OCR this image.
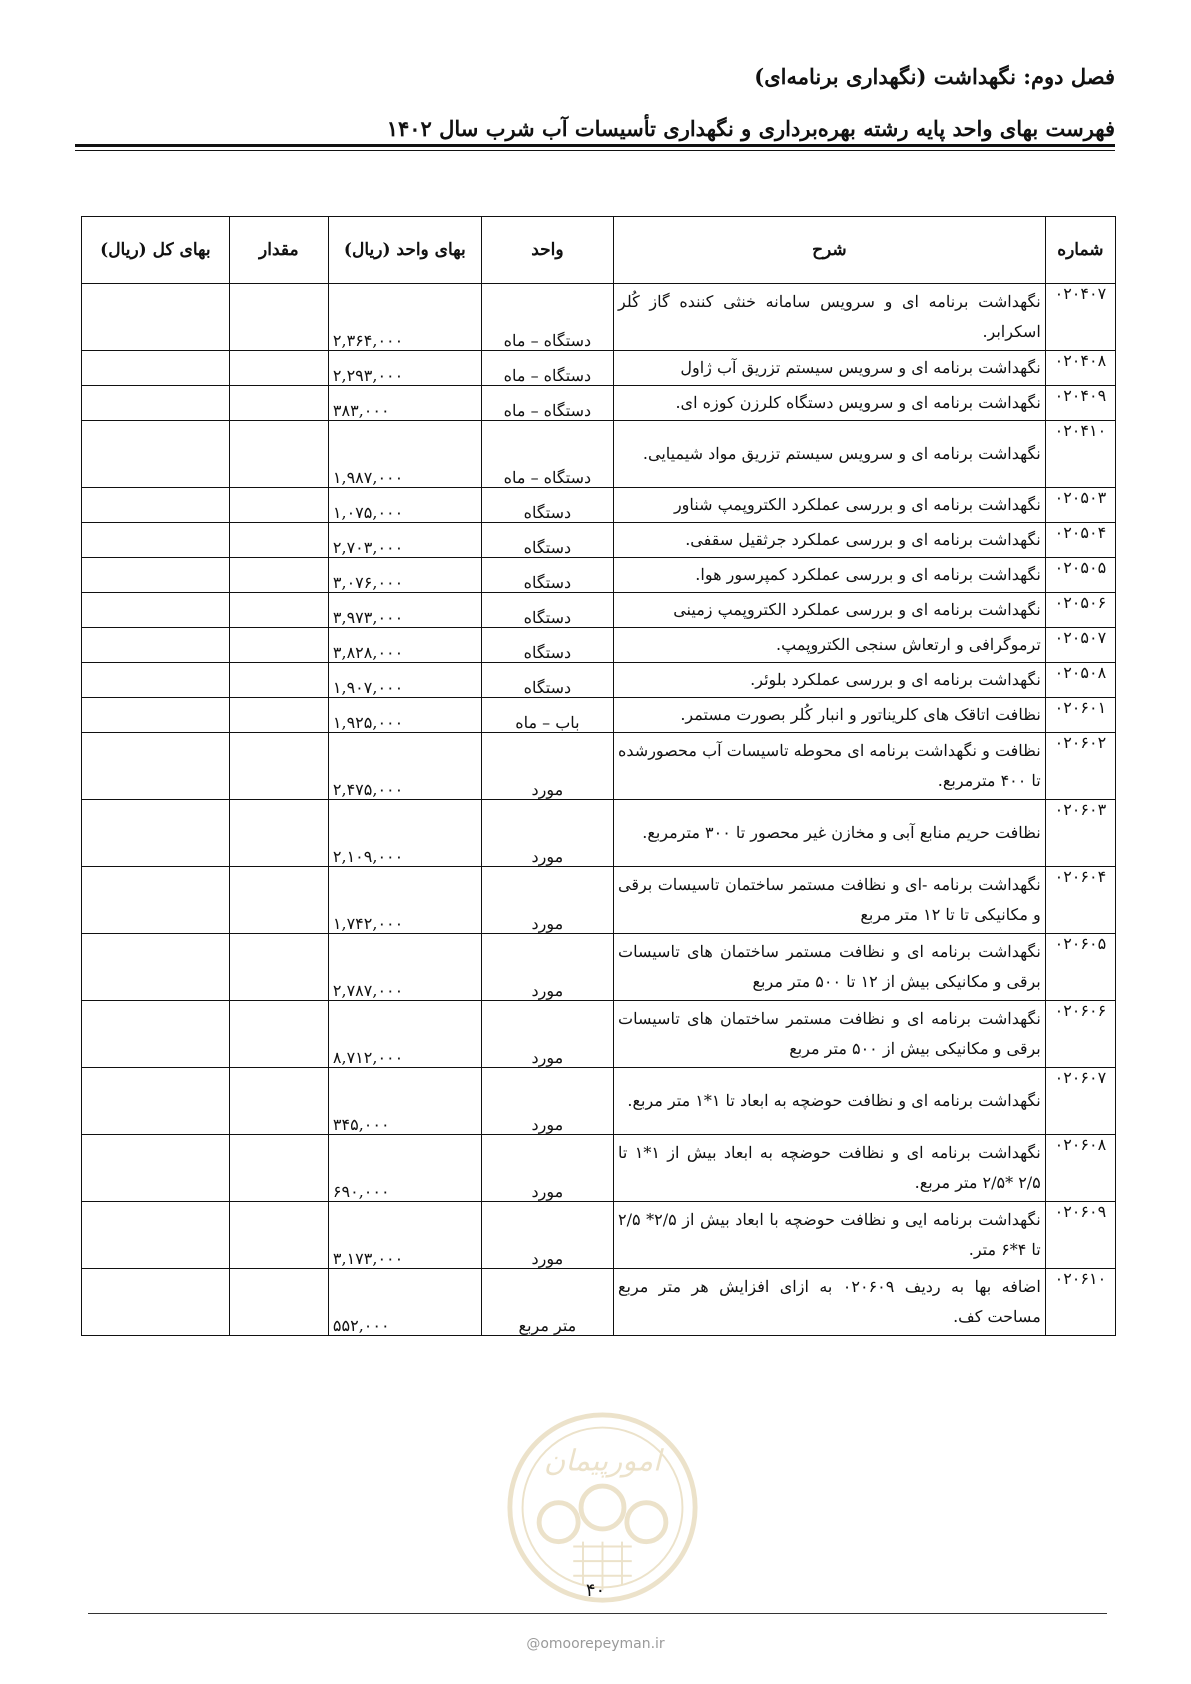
فصل دوم: نگهداشت (نگهداری برنامه‌ای)
فهرست بهای واحد پایه رشته بهره‌برداری و نگهداری تأسیسات آب شرب سال ۱۴۰۲
شماره	شرح	واحد	بهای واحد (ریال)	مقدار	بهای کل (ریال)
۰۲۰۴۰۷	نگهداشت برنامه ای و سرویس سامانه خنثی کننده گاز کُلر اسکرابر.	دستگاه – ماه	۲,۳۶۴,۰۰۰		
۰۲۰۴۰۸	نگهداشت برنامه ای و سرویس سیستم تزریق آب ژاول	دستگاه – ماه	۲,۲۹۳,۰۰۰		
۰۲۰۴۰۹	نگهداشت برنامه ای و سرویس دستگاه کلرزن کوزه ای.	دستگاه – ماه	۳۸۳,۰۰۰		
۰۲۰۴۱۰	نگهداشت برنامه ای و سرویس سیستم تزریق مواد شیمیایی.	دستگاه – ماه	۱,۹۸۷,۰۰۰		
۰۲۰۵۰۳	نگهداشت برنامه ای و بررسی عملکرد الکتروپمپ شناور	دستگاه	۱,۰۷۵,۰۰۰		
۰۲۰۵۰۴	نگهداشت برنامه ای و بررسی عملکرد جرثقیل سقفی.	دستگاه	۲,۷۰۳,۰۰۰		
۰۲۰۵۰۵	نگهداشت برنامه ای و بررسی عملکرد کمپرسور هوا.	دستگاه	۳,۰۷۶,۰۰۰		
۰۲۰۵۰۶	نگهداشت برنامه ای و بررسی عملکرد الکتروپمپ زمینی	دستگاه	۳,۹۷۳,۰۰۰		
۰۲۰۵۰۷	ترموگرافی و ارتعاش سنجی الکتروپمپ.	دستگاه	۳,۸۲۸,۰۰۰		
۰۲۰۵۰۸	نگهداشت برنامه ای و بررسی عملکرد بلوئر.	دستگاه	۱,۹۰۷,۰۰۰		
۰۲۰۶۰۱	نظافت اتاقک های کلریناتور و انبار کُلر بصورت مستمر.	باب – ماه	۱,۹۲۵,۰۰۰		
۰۲۰۶۰۲	نظافت و نگهداشت برنامه ای محوطه تاسیسات آب محصورشده تا ۴۰۰ مترمربع.	مورد	۲,۴۷۵,۰۰۰		
۰۲۰۶۰۳	نظافت حریم منابع آبی و مخازن غیر محصور تا ۳۰۰ مترمربع.	مورد	۲,۱۰۹,۰۰۰		
۰۲۰۶۰۴	نگهداشت برنامه -ای و نظافت مستمر ساختمان تاسیسات برقی و مکانیکی تا تا ۱۲ متر مربع	مورد	۱,۷۴۲,۰۰۰		
۰۲۰۶۰۵	نگهداشت برنامه ای و نظافت مستمر ساختمان های تاسیسات برقی و مکانیکی بیش از ۱۲ تا ۵۰۰ متر مربع	مورد	۲,۷۸۷,۰۰۰		
۰۲۰۶۰۶	نگهداشت برنامه ای و نظافت مستمر ساختمان های تاسیسات برقی و مکانیکی بیش از ۵۰۰ متر مربع	مورد	۸,۷۱۲,۰۰۰		
۰۲۰۶۰۷	نگهداشت برنامه ای و نظافت حوضچه به ابعاد تا ۱*۱ متر مربع.	مورد	۳۴۵,۰۰۰		
۰۲۰۶۰۸	نگهداشت برنامه ای و نظافت حوضچه به ابعاد بیش از ۱*۱ تا ۲/۵ *۲/۵ متر مربع.	مورد	۶۹۰,۰۰۰		
۰۲۰۶۰۹	نگهداشت برنامه ایی و نظافت حوضچه با ابعاد بیش از ۲/۵* ۲/۵ تا ۴*۶ متر.	مورد	۳,۱۷۳,۰۰۰		
۰۲۰۶۱۰	اضافه بها به ردیف ۰۲۰۶۰۹ به ازای افزایش هر متر مربع مساحت کف.	متر مربع	۵۵۲,۰۰۰		
امورپیمان
۴۰
@omoorepeyman.ir
